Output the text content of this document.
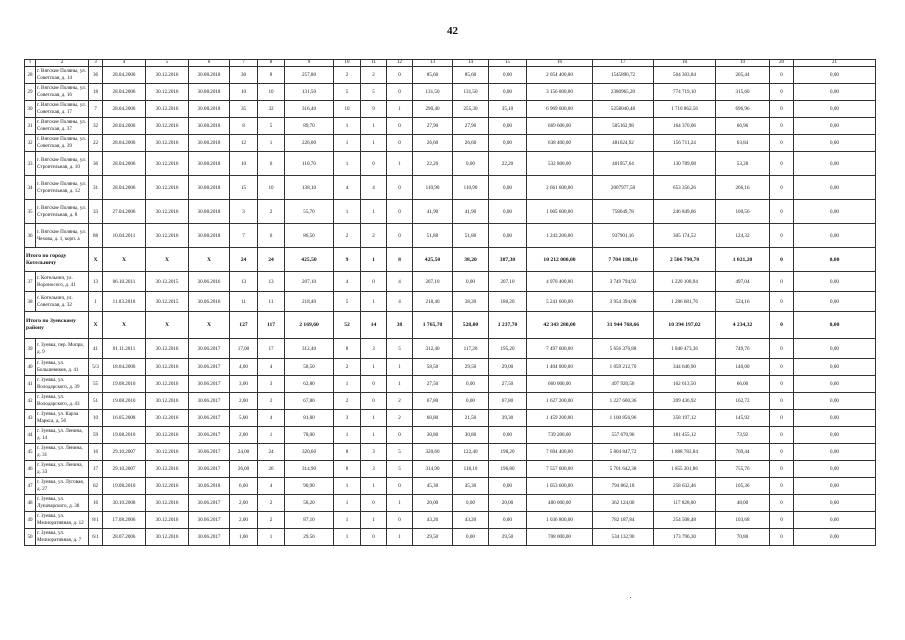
42
1	2	3	4	5	6	7	8	9	10	11	12	13	14	15	16	17	18	19	20	21
28	г. Вятские Поляны, ул. Советская, д. 14	36	28.04.2006	30.12.2016	30.08.2018	30	8	257,80	2	2	0	85,60	85,60	0,00	2 054 400,00	1545890,72	504 303,84	205,44	0	0,00
29	г. Вятские Поляны, ул. Советская, д. 16	18	28.04.2006	30.12.2016	30.08.2018	10	10	131,50	5	5	0	131,50	131,50	0,00	3 156 000,00	2380965,20	774 719,10	315,60	0	0,00
30	г. Вятские Поляны, ул. Советская, д. 17	7	28.04.2006	30.12.2016	30.08.2018	35	32	316,40	10	9	1	290,40	255,30	35,10	6 969 600,00	5258040,48	1 710 862,56	696,96	0	0,00
31	г. Вятские Поляны, ул. Советская, д. 37	32	28.04.2006	30.12.2016	30.08.2018	8	5	89,70	1	1	0	27,90	27,90	0,00	669 600,00	505162,98	164 370,06	66,96	0	0,00
32	г. Вятские Поляны, ул. Советская, д. 39	22	28.04.2006	30.12.2016	30.08.2018	12	1	226,00	1	1	0	26,60	26,60	0,00	638 400,00	481624,92	156 711,24	63,84	0	0,00
33	г. Вятские Поляны, ул. Строительная, д. 10	36	28.04.2006	30.12.2016	30.08.2018	10	6	110,70	1	0	1	22,20	0,00	22,20	532 800,00	401957,64	130 789,08	53,28	0	0,00
34	г. Вятские Поляны, ул. Строительная, д. 12	31	28.04.2006	30.12.2016	30.08.2018	15	10	138,10	4	4	0	110,90	110,90	0,00	2 661 600,00	2007977,58	653 356,26	266,16	0	0,00
35	г. Вятские Поляны, ул. Строительная, д. 8	33	27.04.2006	30.12.2016	30.08.2018	3	2	55,70	1	1	0	41,90	41,90	0,00	1 005 600,00	758649,78	246 849,66	100,56	0	0,00
36	г. Вятские Поляны, ул. Чехова, д. 1, корп. а	88	10.04.2011	30.12.2016	30.08.2018	7	6	86,50	2	2	0	51,80	51,80	0,00	1 243 200,00	937901,16	305 174,52	124,32	0	0,00
Итого по городу Котельничу		X	X	X	X	24	24	425,50	9	1	8	425,50	38,20	387,30	10 212 000,00	7 704 188,10	2 506 790,70	1 021,20	0	0,00
37	г. Котельнич, ул. Вороносого, д. 41	13	06.10.2011	30.12.2015	30.06.2016	13	13	207,10	4	0	4	207,10	0,00	207,10	4 970 400,00	3 749 794,92	1 220 108,94	497,04	0	0,00
38	г. Котельнич, ул. Советская, д. 32	1	11.03.2010	30.12.2015	30.06.2016	11	11	218,40	5	1	4	218,40	38,20	180,20	5 241 600,00	3 954 394,08	1 286 681,76	524,16	0	0,00
Итого по Зуевскому району		X	X	X	X	127	117	2 169,60	52	14	38	1 765,70	528,00	1 237,70	42 343 280,00	31 944 768,66	10 394 197,02	4 234,32	0	0,00
39	г. Зуевка, пер. Мопра, д. 9	41	01.11.2011	30.12.2016	30.06.2017	17,00	17	312,40	8	3	5	312,40	117,20	195,20	7 497 600,00	5 656 376,88	1 840 473,36	749,76	0	0,00
40	г. Зуевка, ул. Большевиков, д. 41	5/3	18.04.2006	30.12.2016	30.06.2017	4,00	4	58,50	2	1	1	58,50	29,50	29,00	1 404 000,00	1 059 212,70	344 646,90	140,00	0	0,00
41	г. Зуевка, ул. Володарского, д. 39	55	19.08.2010	30.12.2016	30.06.2017	3,00	3	62,80	1	0	1	27,50	0,00	27,50	660 000,00	497 920,50	162 013,50	66,00	0	0,00
42	г. Зуевка, ул. Володарского, д. 43	51	19.08.2010	30.12.2016	30.06.2017	2,00	2	67,80	2	0	2	67,80	0,00	67,80	1 627 200,00	1 227 600,36	399 436,92	162,72	0	0,00
43	г. Зуевка, ул. Карла Маркса, д. 56	10	16.05.2008	30.12.2016	30.06.2017	5,00	4	81,00	3	1	2	60,80	21,50	39,30	1 459 200,00	1 100 856,96	358 197,12	145,92	0	0,00
44	г. Зуевка, ул. Ленина, д. 14	59	19.08.2010	30.12.2016	30.06.2017	2,00	1	78,00	1	1	0	30,80	30,80	0,00	739 200,00	557 670,96	181 455,12	73,92	0	0,00
45	г. Зуевка, ул. Ленина, д. 31	16	29.10.2007	30.12.2016	30.06.2017	24,00	24	320,60	8	3	5	320,60	122,40	198,20	7 694 400,00	5 804 847,72	1 888 782,84	769,44	0	0,00
46	г. Зуевка, ул. Ленина, д. 33	17	29.10.2007	30.12.2016	30.06.2017	26,00	26	314,90	8	3	5	314,90	118,10	196,80	7 557 600,00	5 701 642,38	1 855 201,86	755,76	0	0,00
47	г. Зуевка, ул. Луговая, д. 27	62	19.08.2010	30.12.2016	30.06.2018	6,00	4	90,90	1	1	0	45,30	45,30	0,00	1 053 600,00	794 862,18	258 632,46	105,36	0	0,00
48	г. Зуевка, ул. Луначарского, д. 38	16	30.10.2008	30.12.2016	30.06.2017	2,00	2	58,20	1	0	1	20,00	0,00	20,00	480 000,00	362 124,00	117 828,00	48,00	0	0,00
49	г. Зуевка, ул. Мелиоративная, д. 12	8/1	17.08.2006	30.12.2016	30.06.2017	2,00	2	87,10	1	1	0	43,20	43,20	0,00	1 036 800,00	782 187,84	254 508,48	103,68	0	0,00
50	г. Зуевка, ул. Мелиоративная, д. 7	6/1	28.07.2006	30.12.2016	30.06.2017	1,00	1	29,50	1	0	1	29,50	0,00	29,50	708 000,00	534 132,90	173 796,30	70,80	0	0,00
